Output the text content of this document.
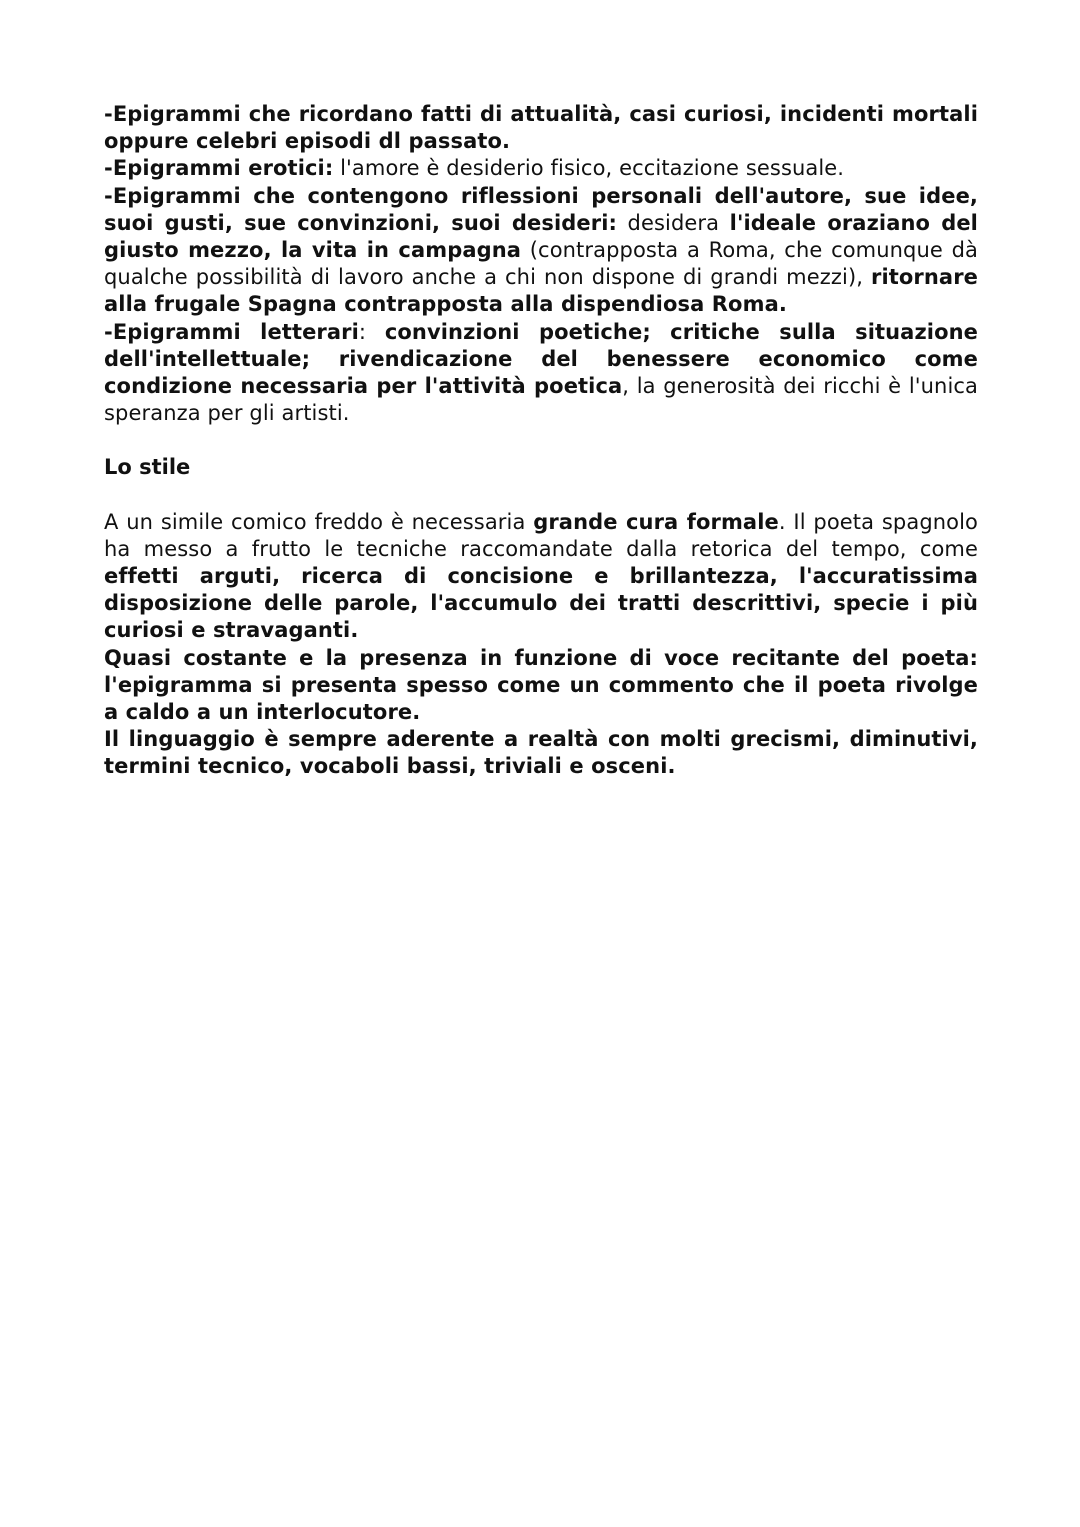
-Epigrammi che ricordano fatti di attualità, casi curiosi, incidenti mortali oppure celebri episodi dl passato.

-Epigrammi erotici: l'amore è desiderio fisico, eccitazione sessuale.

-Epigrammi che contengono riflessioni personali dell'autore, sue idee, suoi gusti, sue convinzioni, suoi desideri: desidera l'ideale oraziano del giusto mezzo, la vita in campagna (contrapposta a Roma, che comunque dà qualche possibilità di lavoro anche a chi non dispone di grandi mezzi), ritornare alla frugale Spagna contrapposta alla dispendiosa Roma.

-Epigrammi letterari: convinzioni poetiche; critiche sulla situazione dell'intellettuale; rivendicazione del benessere economico come condizione necessaria per l'attività poetica, la generosità dei ricchi è l'unica speranza per gli artisti.

Lo stile

A un simile comico freddo è necessaria grande cura formale. Il poeta spagnolo ha messo a frutto le tecniche raccomandate dalla retorica del tempo, come effetti arguti, ricerca di concisione e brillantezza, l'accuratissima disposizione delle parole, l'accumulo dei tratti descrittivi, specie i più curiosi e stravaganti.

Quasi costante e la presenza in funzione di voce recitante del poeta: l'epigramma si presenta spesso come un commento che il poeta rivolge a caldo a un interlocutore.

Il linguaggio è sempre aderente a realtà con molti grecismi, diminutivi, termini tecnico, vocaboli bassi, triviali e osceni.
